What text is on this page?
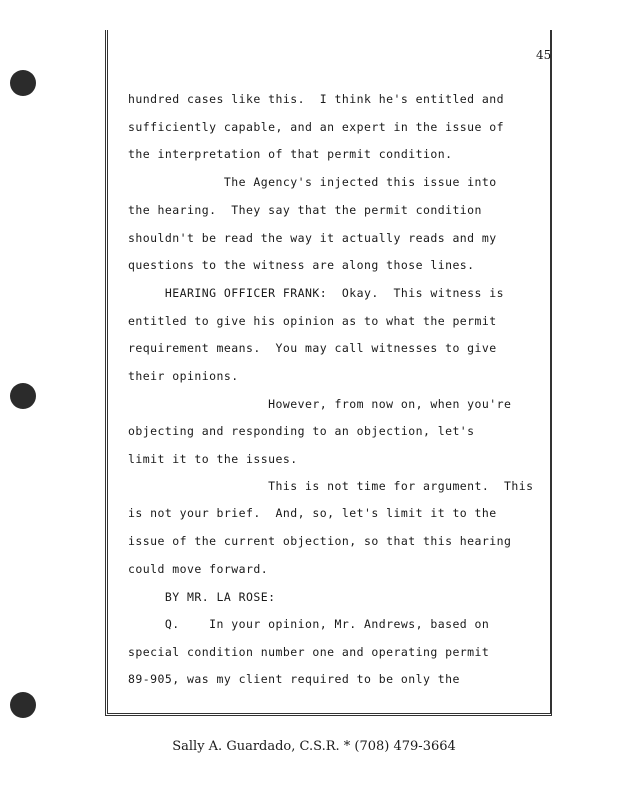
45
hundred cases like this.  I think he's entitled and
sufficiently capable, and an expert in the issue of
the interpretation of that permit condition.
The Agency's injected this issue into
the hearing.  They say that the permit condition
shouldn't be read the way it actually reads and my
questions to the witness are along those lines.
HEARING OFFICER FRANK:  Okay.  This witness is
entitled to give his opinion as to what the permit
requirement means.  You may call witnesses to give
their opinions.
However, from now on, when you're
objecting and responding to an objection, let's
limit it to the issues.
This is not time for argument.  This
is not your brief.  And, so, let's limit it to the
issue of the current objection, so that this hearing
could move forward.
BY MR. LA ROSE:
Q.    In your opinion, Mr. Andrews, based on
special condition number one and operating permit
89-905, was my client required to be only the
Sally A. Guardado, C.S.R. * (708) 479-3664
